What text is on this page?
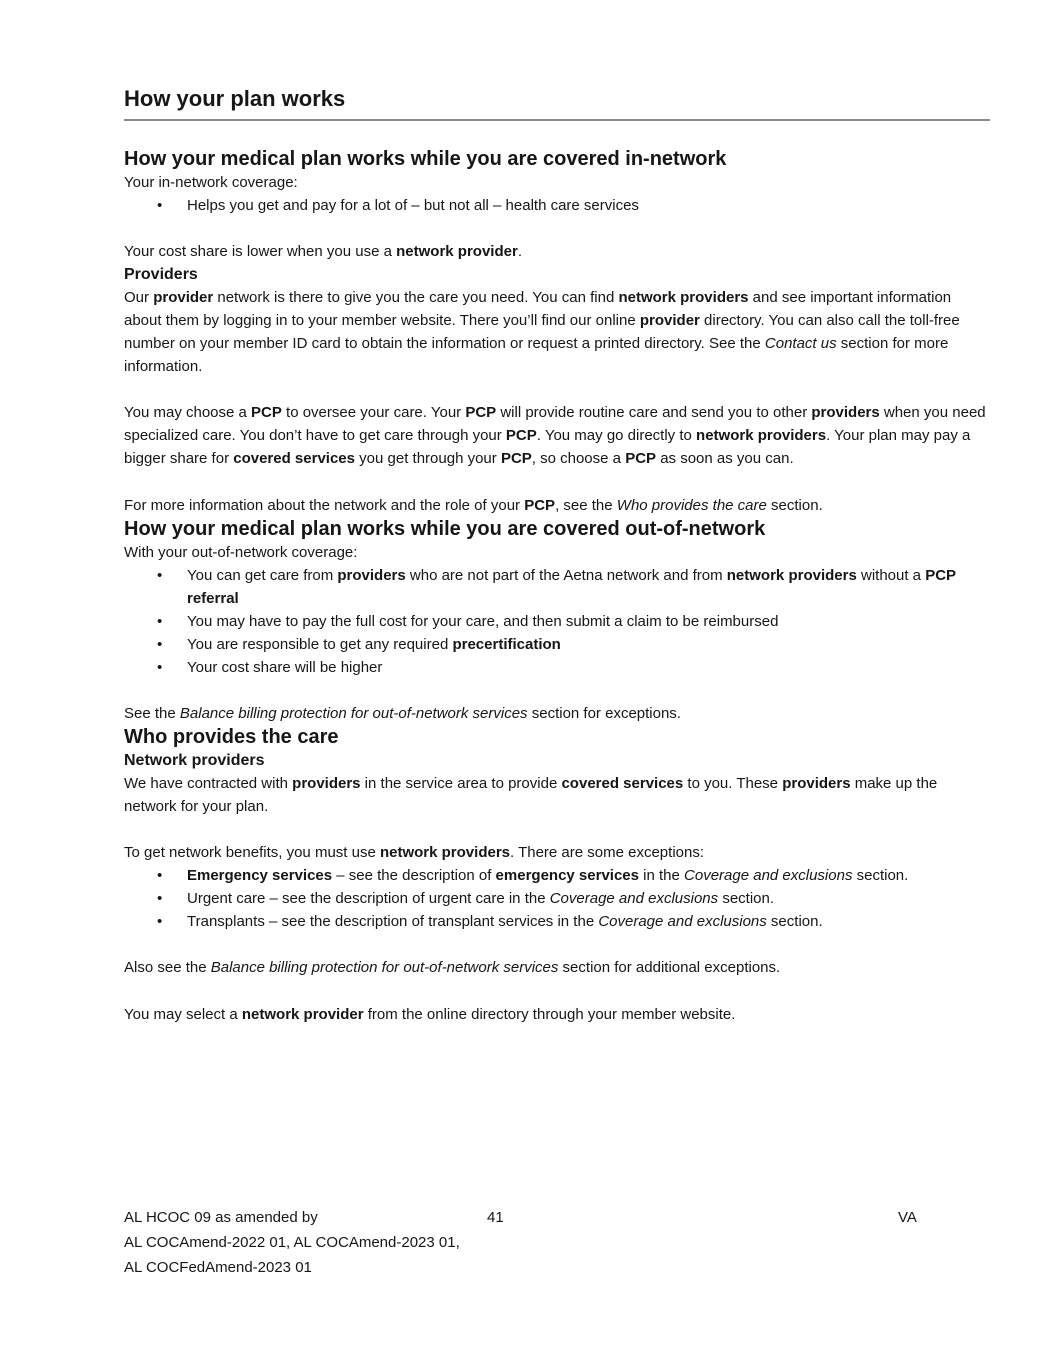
How your plan works
How your medical plan works while you are covered in-network

Your in-network coverage:

• Helps you get and pay for a lot of – but not all – health care services

Your cost share is lower when you use a network provider.

Providers

Our provider network is there to give you the care you need. You can find network providers and see important information about them by logging in to your member website. There you’ll find our online provider directory. You can also call the toll-free number on your member ID card to obtain the information or request a printed directory. See the Contact us section for more information.

You may choose a PCP to oversee your care. Your PCP will provide routine care and send you to other providers when you need specialized care. You don’t have to get care through your PCP. You may go directly to network providers. Your plan may pay a bigger share for covered services you get through your PCP, so choose a PCP as soon as you can.

For more information about the network and the role of your PCP, see the Who provides the care section.

How your medical plan works while you are covered out-of-network

With your out-of-network coverage:

• You can get care from providers who are not part of the Aetna network and from network providers without a PCP referral
• You may have to pay the full cost for your care, and then submit a claim to be reimbursed
• You are responsible to get any required precertification
• Your cost share will be higher

See the Balance billing protection for out-of-network services section for exceptions.

Who provides the care
Network providers

We have contracted with providers in the service area to provide covered services to you. These providers make up the network for your plan.

To get network benefits, you must use network providers. There are some exceptions:

• Emergency services – see the description of emergency services in the Coverage and exclusions section.
• Urgent care – see the description of urgent care in the Coverage and exclusions section.
• Transplants – see the description of transplant services in the Coverage and exclusions section.

Also see the Balance billing protection for out-of-network services section for additional exceptions.

You may select a network provider from the online directory through your member website.

AL HCOC 09 as amended by	41	VA
AL COCAmend-2022 01, AL COCAmend-2023 01,
AL COCFedAmend-2023 01
